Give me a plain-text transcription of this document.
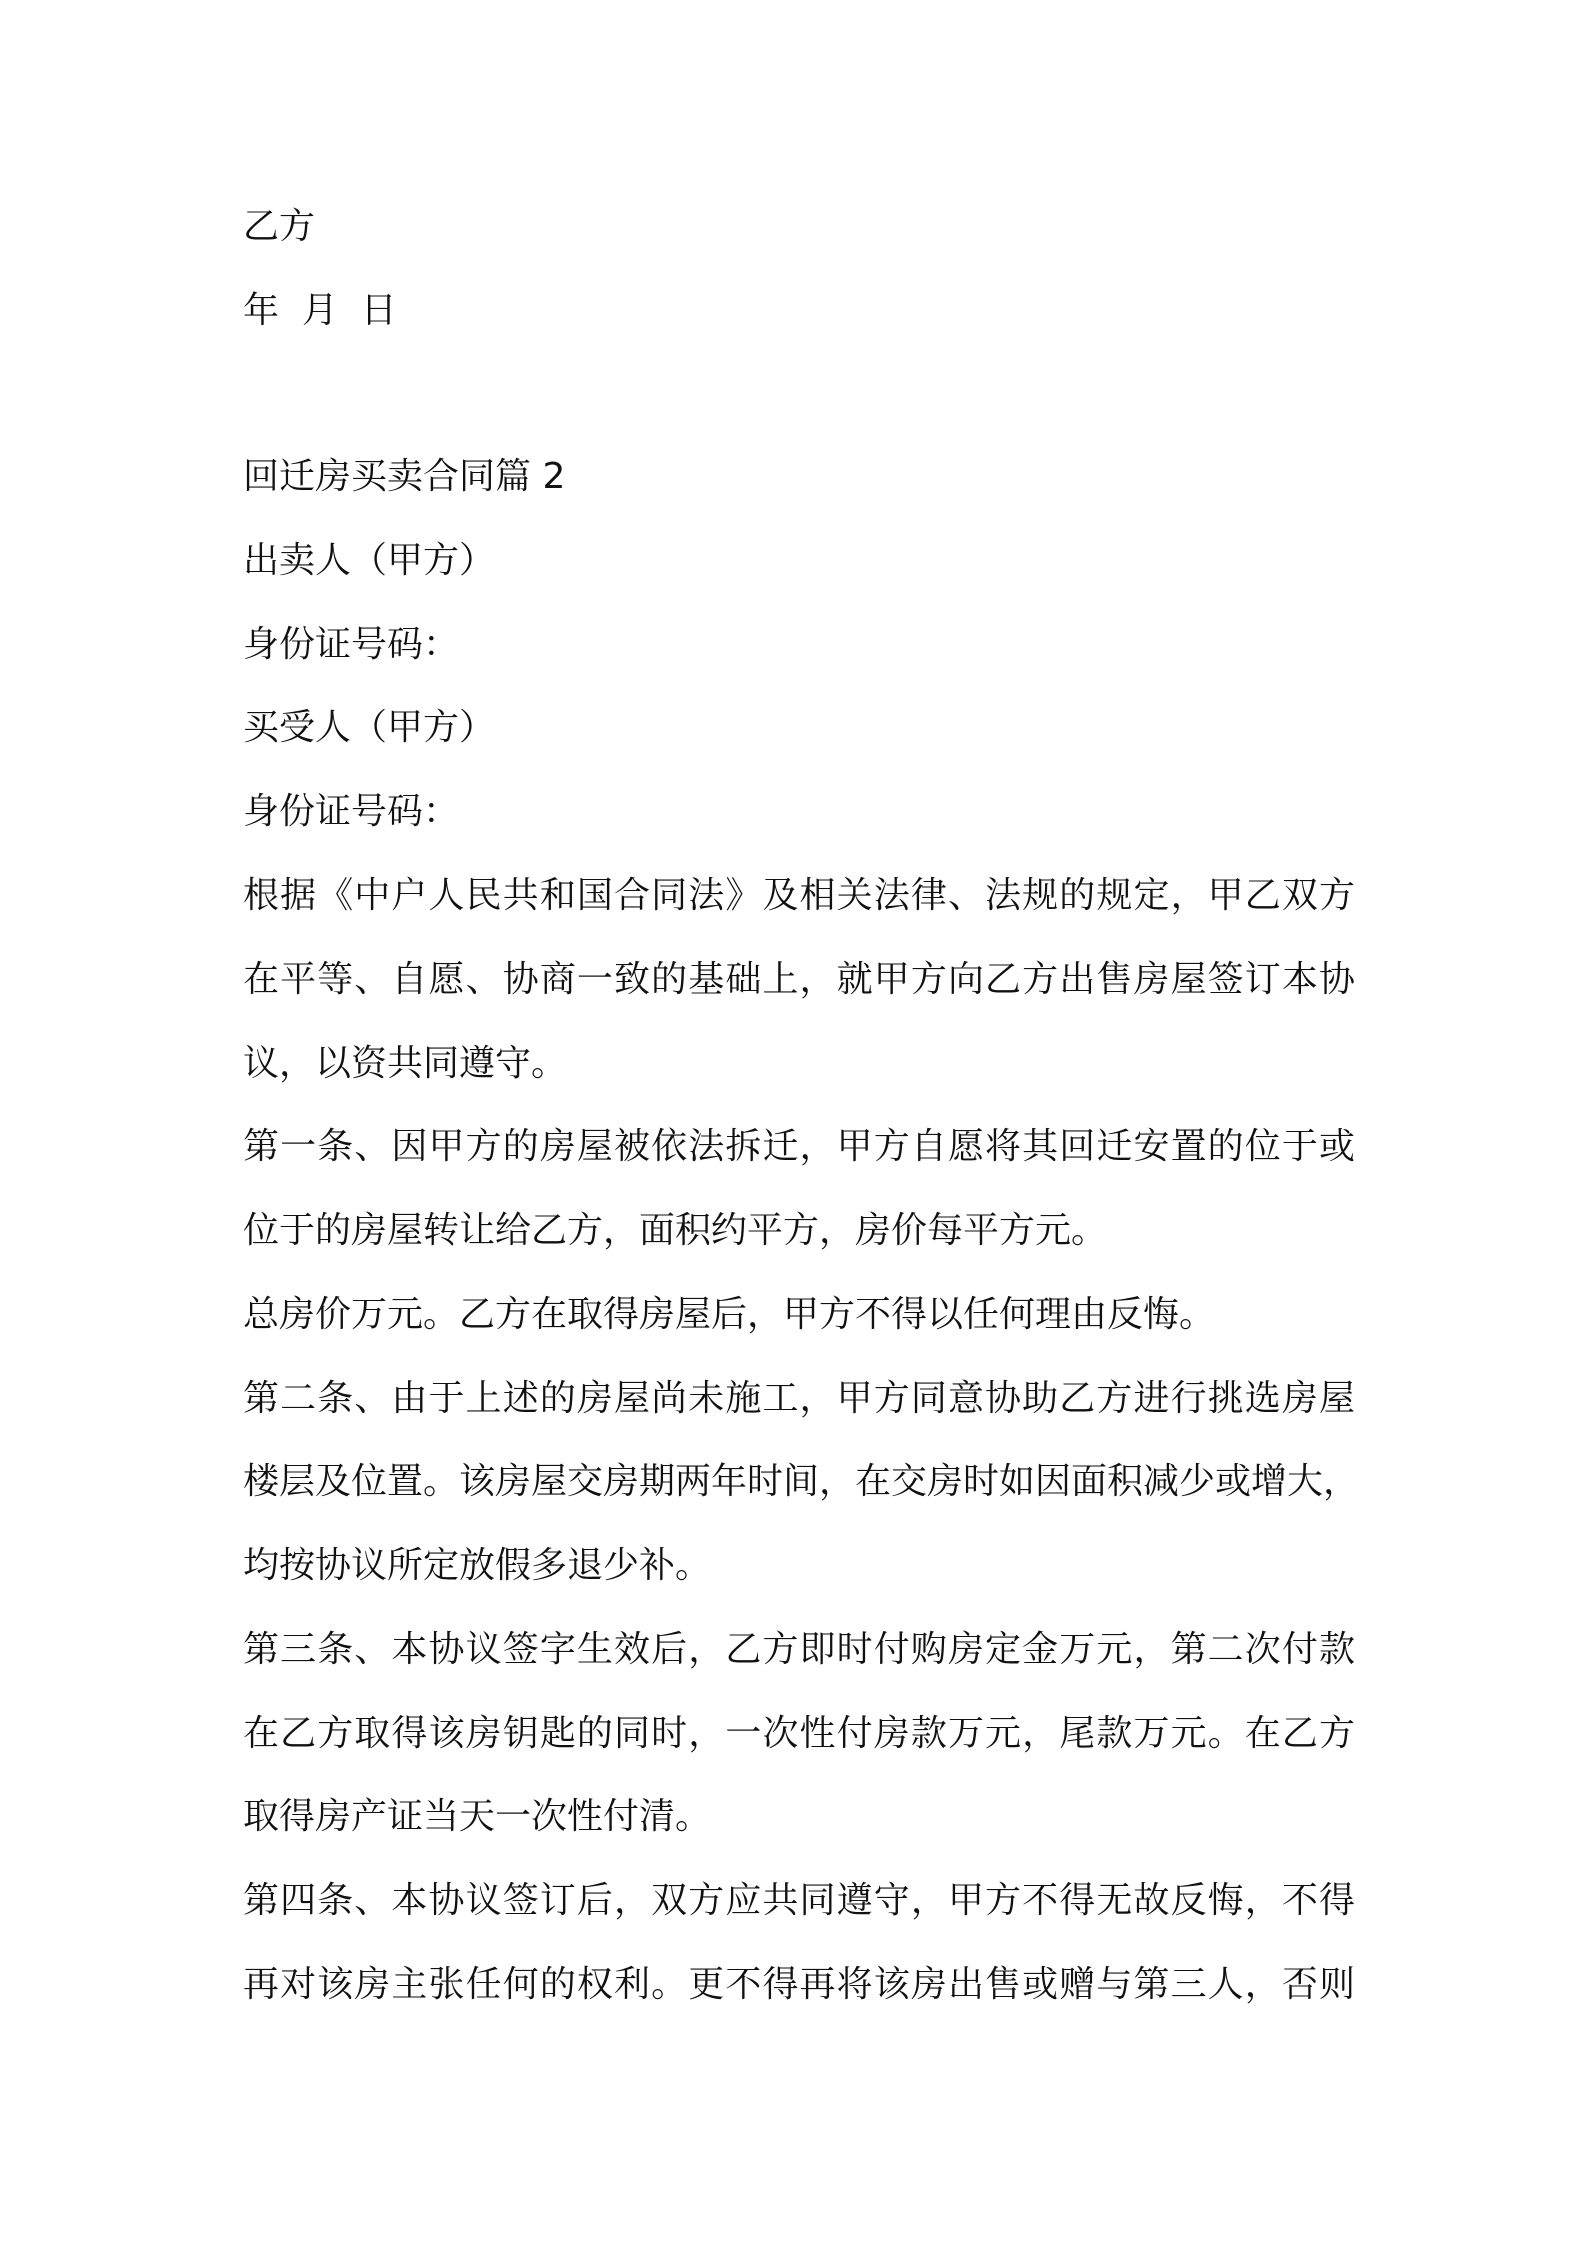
乙方
年  月  日
回迁房买卖合同篇 2
出卖人（甲方）
身份证号码：
买受人（甲方）
身份证号码：
根据《中户人民共和国合同法》及相关法律、法规的规定，甲乙双方
在平等、自愿、协商一致的基础上，就甲方向乙方出售房屋签订本协
议，以资共同遵守。
第一条、因甲方的房屋被依法拆迁，甲方自愿将其回迁安置的位于或
位于的房屋转让给乙方，面积约平方，房价每平方元。
总房价万元。乙方在取得房屋后，甲方不得以任何理由反悔。
第二条、由于上述的房屋尚未施工，甲方同意协助乙方进行挑选房屋
楼层及位置。该房屋交房期两年时间，在交房时如因面积减少或增大，
均按协议所定放假多退少补。
第三条、本协议签字生效后，乙方即时付购房定金万元，第二次付款
在乙方取得该房钥匙的同时，一次性付房款万元，尾款万元。在乙方
取得房产证当天一次性付清。
第四条、本协议签订后，双方应共同遵守，甲方不得无故反悔，不得
再对该房主张任何的权利。更不得再将该房出售或赠与第三人，否则
